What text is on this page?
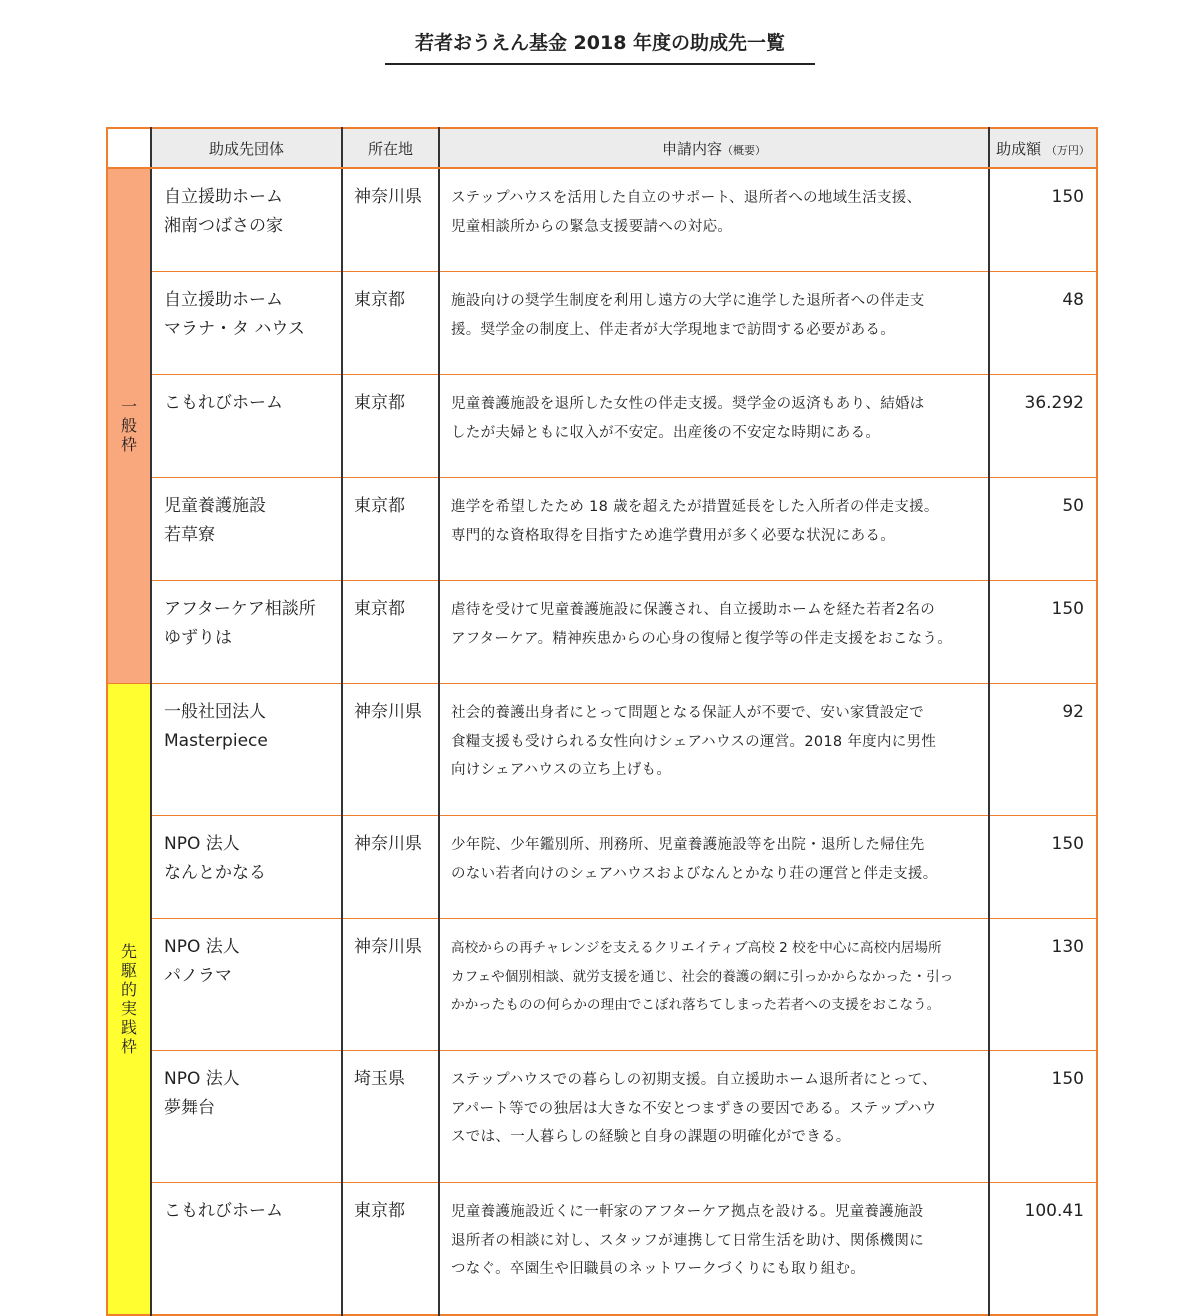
若者おうえん基金 2018 年度の助成先一覧
	助成先団体	所在地	申請内容（概要）	助成額 （万円）
一般枠	自立援助ホーム
湘南つばさの家	神奈川県	ステップハウスを活用した自立のサポート、退所者への地域生活支援、
児童相談所からの緊急支援要請への対応。	150

	自立援助ホーム
マラナ・タ ハウス	東京都	施設向けの奨学生制度を利用し遠方の大学に進学した退所者への伴走支
援。奨学金の制度上、伴走者が大学現地まで訪問する必要がある。	48

	こもれびホーム	東京都	児童養護施設を退所した女性の伴走支援。奨学金の返済もあり、結婚は
したが夫婦ともに収入が不安定。出産後の不安定な時期にある。	36.292

	児童養護施設
若草寮	東京都	進学を希望したため 18 歳を超えたが措置延長をした入所者の伴走支援。
専門的な資格取得を目指すため進学費用が多く必要な状況にある。	50

	アフターケア相談所
ゆずりは	東京都	虐待を受けて児童養護施設に保護され、自立援助ホームを経た若者2名の
アフターケア。精神疾患からの心身の復帰と復学等の伴走支援をおこなう。	150
先駆的実践枠	一般社団法人
Masterpiece	神奈川県	社会的養護出身者にとって問題となる保証人が不要で、安い家賃設定で
食糧支援も受けられる女性向けシェアハウスの運営。2018 年度内に男性
向けシェアハウスの立ち上げも。	92

	NPO 法人
なんとかなる	神奈川県	少年院、少年鑑別所、刑務所、児童養護施設等を出院・退所した帰住先
のない若者向けのシェアハウスおよびなんとかなり荘の運営と伴走支援。	150

	NPO 法人
パノラマ	神奈川県	高校からの再チャレンジを支えるクリエイティブ高校 2 校を中心に高校内居場所
カフェや個別相談、就労支援を通じ、社会的養護の網に引っかからなかった・引っ
かかったものの何らかの理由でこぼれ落ちてしまった若者への支援をおこなう。	130

	NPO 法人
夢舞台	埼玉県	ステップハウスでの暮らしの初期支援。自立援助ホーム退所者にとって、
アパート等での独居は大きな不安とつまずきの要因である。ステップハウ
スでは、一人暮らしの経験と自身の課題の明確化ができる。	150

	こもれびホーム	東京都	児童養護施設近くに一軒家のアフターケア拠点を設ける。児童養護施設
退所者の相談に対し、スタッフが連携して日常生活を助け、関係機関に
つなぐ。卒園生や旧職員のネットワークづくりにも取り組む。	100.41
